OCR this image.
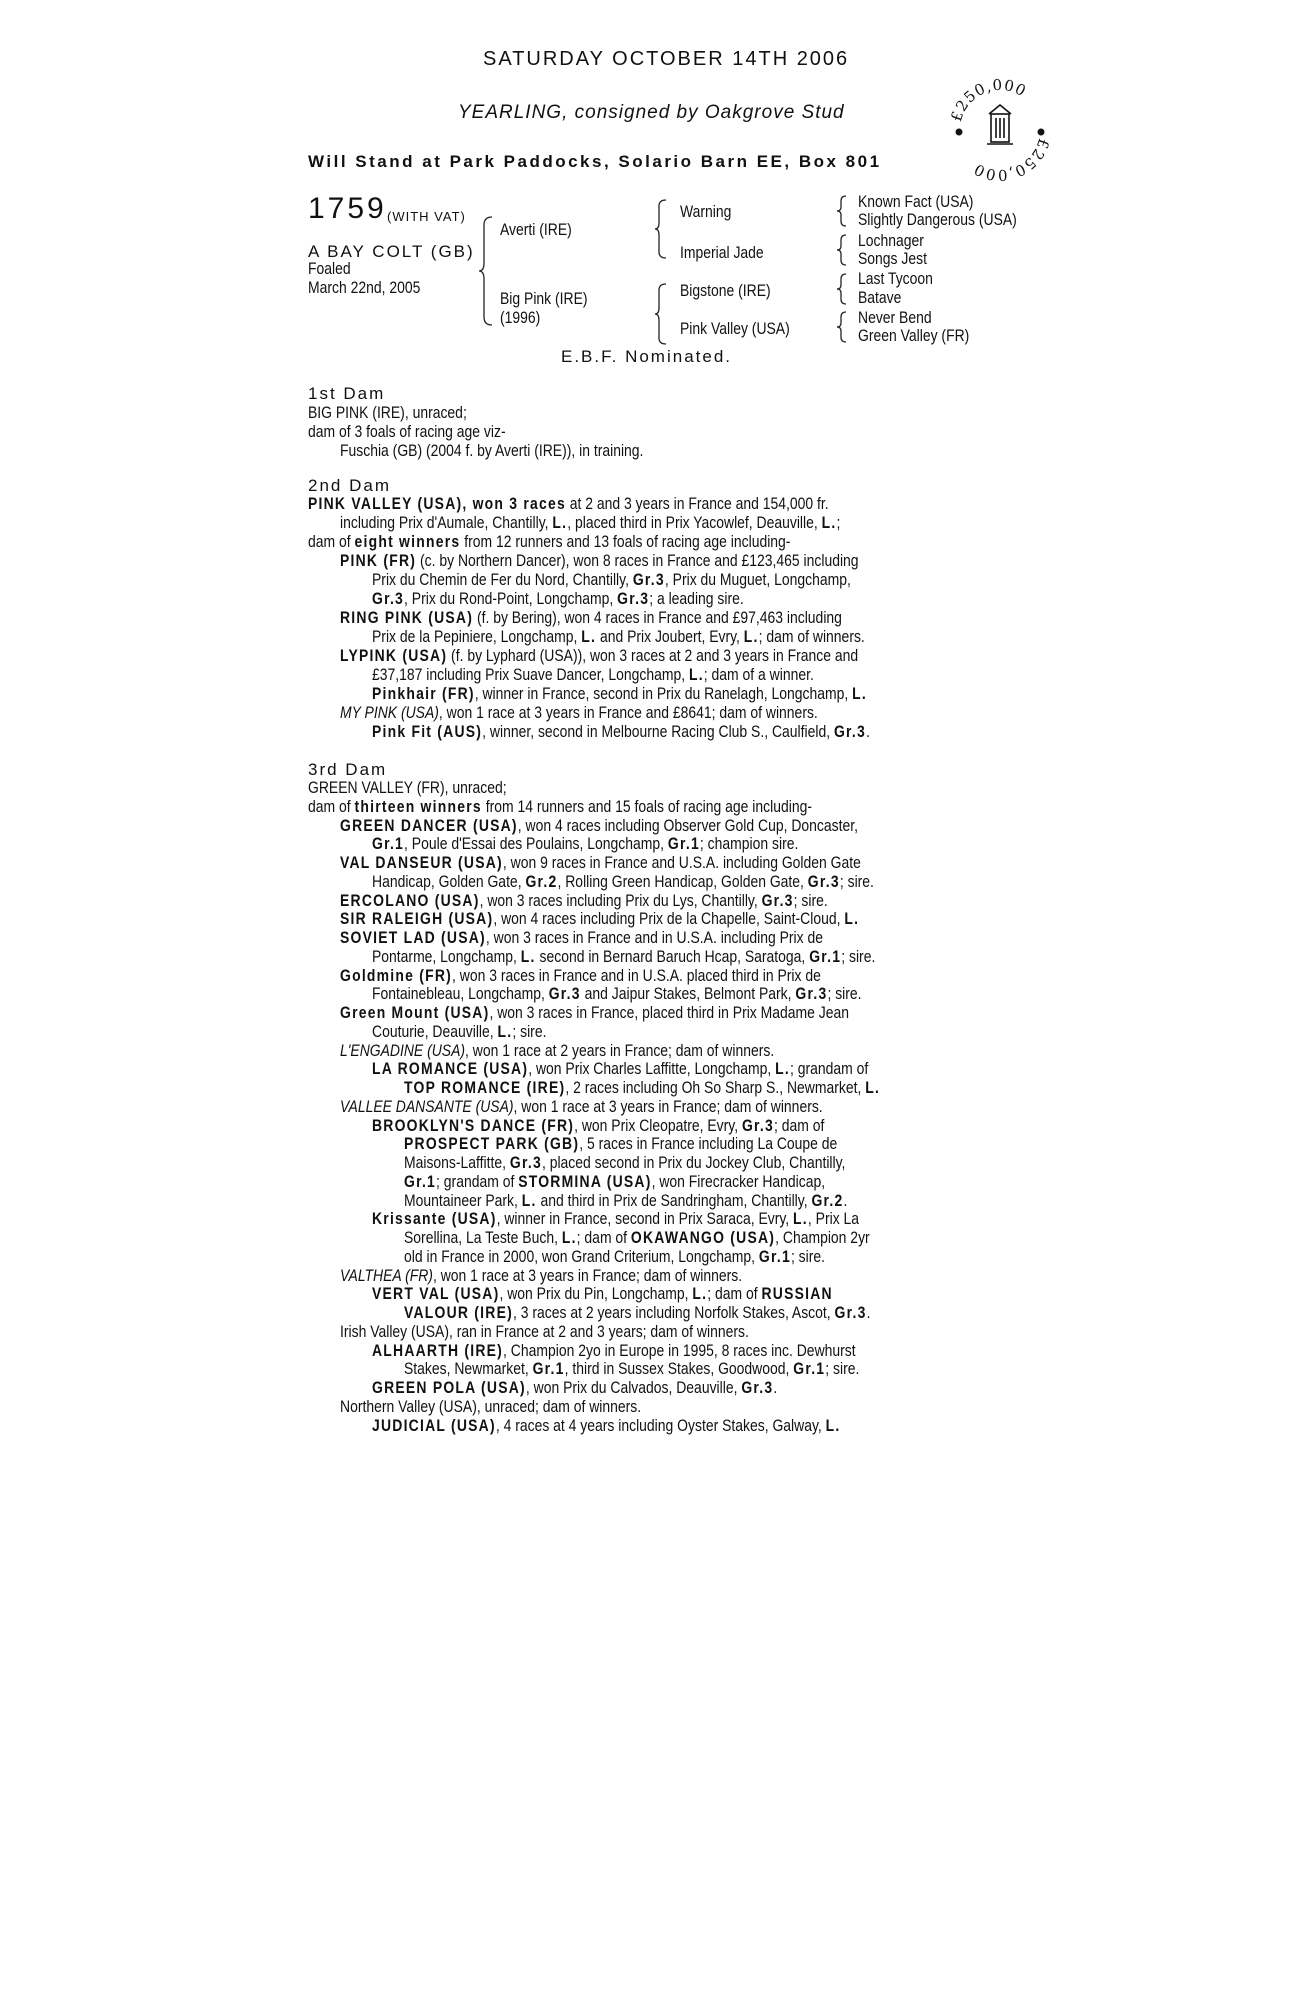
SATURDAY OCTOBER 14TH 2006
YEARLING, consigned by Oakgrove Stud
Will Stand at Park Paddocks, Solario Barn EE, Box 801
£250,000
£250,000
1759 (WITH VAT)
A BAY COLT (GB)
Foaled
March 22nd, 2005
Averti (IRE)
Big Pink (IRE)
(1996)
Warning
Imperial Jade
Bigstone (IRE)
Pink Valley (USA)
Known Fact (USA)
Slightly Dangerous (USA)
Lochnager
Songs Jest
Last Tycoon
Batave
Never Bend
Green Valley (FR)
E.B.F. Nominated.
1st Dam
BIG PINK (IRE), unraced;
dam of 3 foals of racing age viz-
Fuschia (GB) (2004 f. by Averti (IRE)), in training.
2nd Dam
PINK VALLEY (USA), won 3 races at 2 and 3 years in France and 154,000 fr.
including Prix d'Aumale, Chantilly, L., placed third in Prix Yacowlef, Deauville, L.;
dam of eight winners from 12 runners and 13 foals of racing age including-
PINK (FR) (c. by Northern Dancer), won 8 races in France and £123,465 including
Prix du Chemin de Fer du Nord, Chantilly, Gr.3, Prix du Muguet, Longchamp,
Gr.3, Prix du Rond-Point, Longchamp, Gr.3; a leading sire.
RING PINK (USA) (f. by Bering), won 4 races in France and £97,463 including
Prix de la Pepiniere, Longchamp, L. and Prix Joubert, Evry, L.; dam of winners.
LYPINK (USA) (f. by Lyphard (USA)), won 3 races at 2 and 3 years in France and
£37,187 including Prix Suave Dancer, Longchamp, L.; dam of a winner.
Pinkhair (FR), winner in France, second in Prix du Ranelagh, Longchamp, L.
MY PINK (USA), won 1 race at 3 years in France and £8641; dam of winners.
Pink Fit (AUS), winner, second in Melbourne Racing Club S., Caulfield, Gr.3.
3rd Dam
GREEN VALLEY (FR), unraced;
dam of thirteen winners from 14 runners and 15 foals of racing age including-
GREEN DANCER (USA), won 4 races including Observer Gold Cup, Doncaster,
Gr.1, Poule d'Essai des Poulains, Longchamp, Gr.1; champion sire.
VAL DANSEUR (USA), won 9 races in France and U.S.A. including Golden Gate
Handicap, Golden Gate, Gr.2, Rolling Green Handicap, Golden Gate, Gr.3; sire.
ERCOLANO (USA), won 3 races including Prix du Lys, Chantilly, Gr.3; sire.
SIR RALEIGH (USA), won 4 races including Prix de la Chapelle, Saint-Cloud, L.
SOVIET LAD (USA), won 3 races in France and in U.S.A. including Prix de
Pontarme, Longchamp, L. second in Bernard Baruch Hcap, Saratoga, Gr.1; sire.
Goldmine (FR), won 3 races in France and in U.S.A. placed third in Prix de
Fontainebleau, Longchamp, Gr.3 and Jaipur Stakes, Belmont Park, Gr.3; sire.
Green Mount (USA), won 3 races in France, placed third in Prix Madame Jean
Couturie, Deauville, L.; sire.
L'ENGADINE (USA), won 1 race at 2 years in France; dam of winners.
LA ROMANCE (USA), won Prix Charles Laffitte, Longchamp, L.; grandam of
TOP ROMANCE (IRE), 2 races including Oh So Sharp S., Newmarket, L.
VALLEE DANSANTE (USA), won 1 race at 3 years in France; dam of winners.
BROOKLYN'S DANCE (FR), won Prix Cleopatre, Evry, Gr.3; dam of
PROSPECT PARK (GB), 5 races in France including La Coupe de
Maisons-Laffitte, Gr.3, placed second in Prix du Jockey Club, Chantilly,
Gr.1; grandam of STORMINA (USA), won Firecracker Handicap,
Mountaineer Park, L. and third in Prix de Sandringham, Chantilly, Gr.2.
Krissante (USA), winner in France, second in Prix Saraca, Evry, L., Prix La
Sorellina, La Teste Buch, L.; dam of OKAWANGO (USA), Champion 2yr
old in France in 2000, won Grand Criterium, Longchamp, Gr.1; sire.
VALTHEA (FR), won 1 race at 3 years in France; dam of winners.
VERT VAL (USA), won Prix du Pin, Longchamp, L.; dam of RUSSIAN
VALOUR (IRE), 3 races at 2 years including Norfolk Stakes, Ascot, Gr.3.
Irish Valley (USA), ran in France at 2 and 3 years; dam of winners.
ALHAARTH (IRE), Champion 2yo in Europe in 1995, 8 races inc. Dewhurst
Stakes, Newmarket, Gr.1, third in Sussex Stakes, Goodwood, Gr.1; sire.
GREEN POLA (USA), won Prix du Calvados, Deauville, Gr.3.
Northern Valley (USA), unraced; dam of winners.
JUDICIAL (USA), 4 races at 4 years including Oyster Stakes, Galway, L.
